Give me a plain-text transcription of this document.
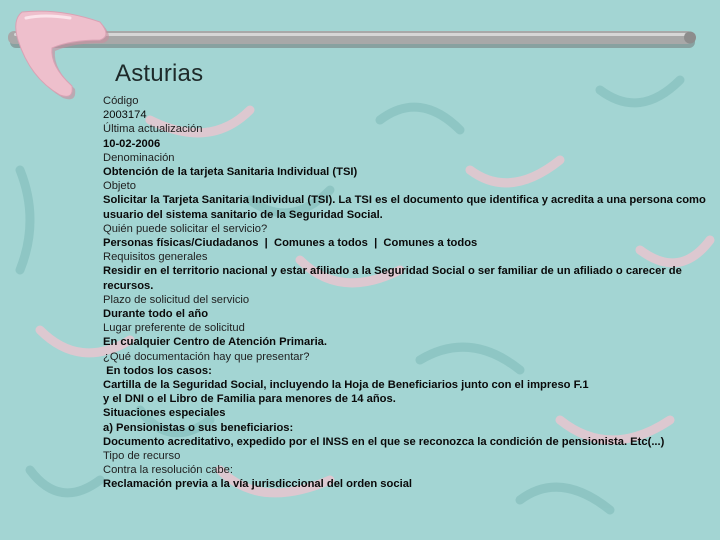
Asturias
Código
2003174
Última actualización
10-02-2006
Denominación
Obtención de la tarjeta Sanitaria Individual (TSI)
Objeto
Solicitar la Tarjeta Sanitaria Individual (TSI). La TSI es el documento que identifica y acredita a una persona como usuario del sistema sanitario de la Seguridad Social.
Quién puede solicitar el servicio?
Personas físicas/Ciudadanos  |  Comunes a todos  |  Comunes a todos
Requisitos generales
Residir en el territorio nacional y estar afiliado a la Seguridad Social o ser familiar de un afiliado o carecer de recursos.
Plazo de solicitud del servicio
Durante todo el año
Lugar preferente de solicitud
En cualquier Centro de Atención Primaria.
¿Qué documentación hay que presentar?
En todos los casos:
Cartilla de la Seguridad Social, incluyendo la Hoja de Beneficiarios junto con el impreso F.1
y el DNI o el Libro de Familia para menores de 14 años.
Situaciones especiales
a) Pensionistas o sus beneficiarios:
Documento acreditativo, expedido por el INSS en el que se reconozca la condición de pensionista. Etc(...)
Tipo de recurso
Contra la resolución cabe:
Reclamación previa a la vía jurisdiccional del orden social
